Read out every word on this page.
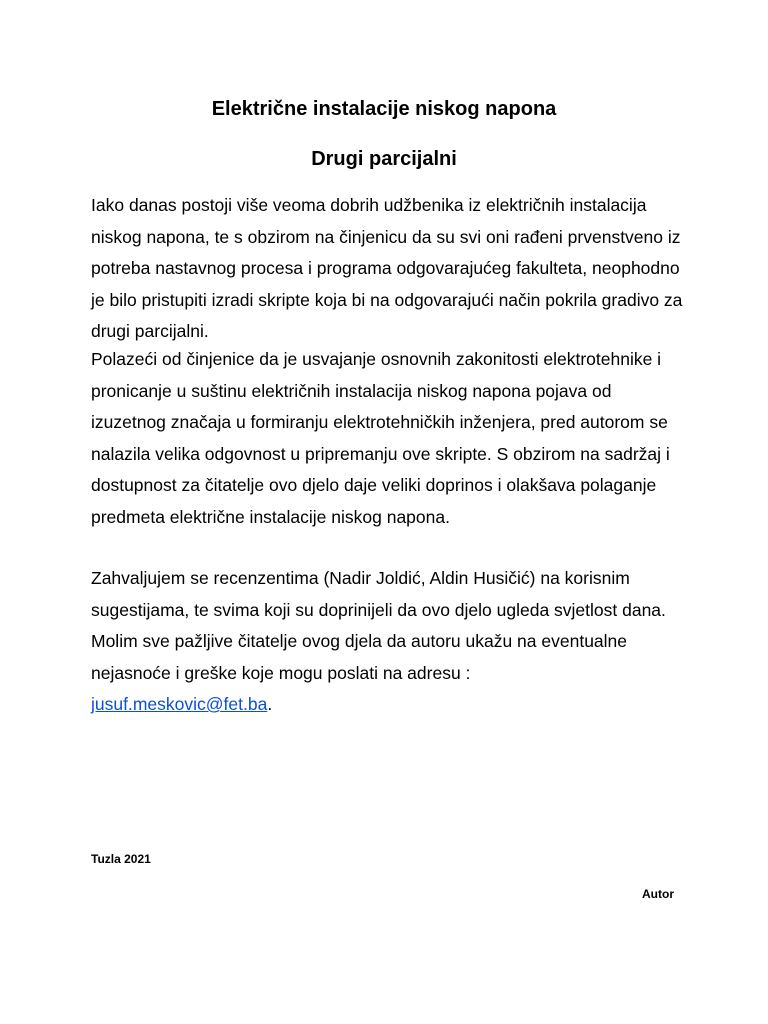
Električne instalacije niskog napona
Drugi parcijalni

Iako danas postoji više veoma dobrih udžbenika iz električnih instalacija niskog napona, te s obzirom na činjenicu da su svi oni rađeni prvenstveno iz potreba nastavnog procesa i programa odgovarajućeg fakulteta, neophodno je bilo pristupiti izradi skripte koja bi na odgovarajući način pokrila gradivo za drugi parcijalni.

Polazeći od činjenice da je usvajanje osnovnih zakonitosti elektrotehnike i pronicanje u suštinu električnih instalacija niskog napona pojava od izuzetnog značaja u formiranju elektrotehničkih inženjera, pred autorom se nalazila velika odgovnost u pripremanju ove skripte. S obzirom na sadržaj i dostupnost za čitatelje ovo djelo daje veliki doprinos i olakšava polaganje predmeta električne instalacije niskog napona.

Zahvaljujem se recenzentima (Nadir Joldić, Aldin Husičić) na korisnim sugestijama, te svima koji su doprinijeli da ovo djelo ugleda svjetlost dana. Molim sve pažljive čitatelje ovog djela da autoru ukažu na eventualne nejasnoće i greške koje mogu poslati na adresu :
jusuf.meskovic@fet.ba.

Tuzla 2021

Autor
